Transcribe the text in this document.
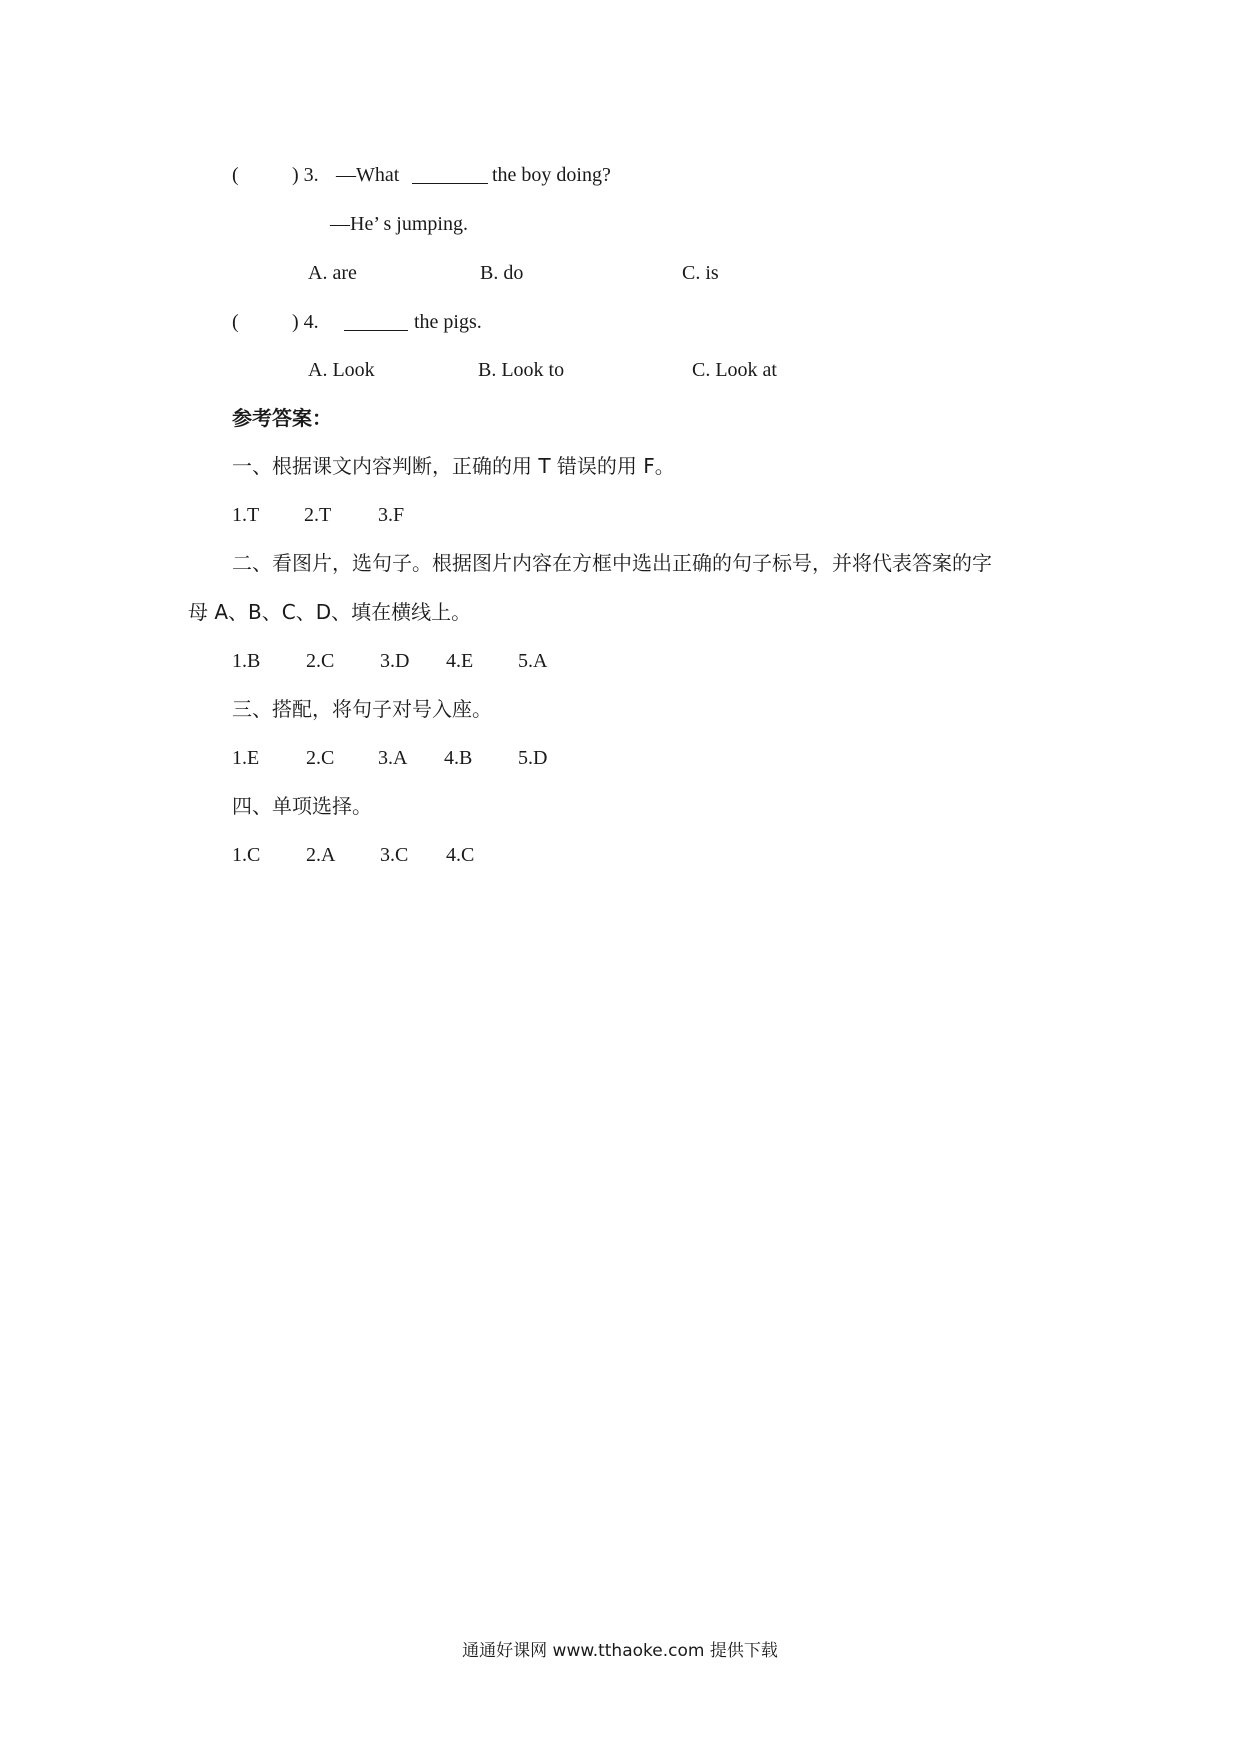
(	) 3. —What	the boy doing?
—He’ s jumping.
A. are	B. do	C. is
(	) 4.	the pigs.
A. Look	B. Look to	C. Look at
参考答案：
一、根据课文内容判断，正确的用 T 错误的用 F。
1.T 2.T 3.F
二、看图片，选句子。根据图片内容在方框中选出正确的句子标号，并将代表答案的字
母 A、B、C、D、填在横线上。
1.B 2.C 3.D 4.E 5.A
三、搭配，将句子对号入座。
1.E 2.C 3.A 4.B 5.D
四、单项选择。
1.C 2.A 3.C 4.C
通通好课网 www.tthaoke.com 提供下载
